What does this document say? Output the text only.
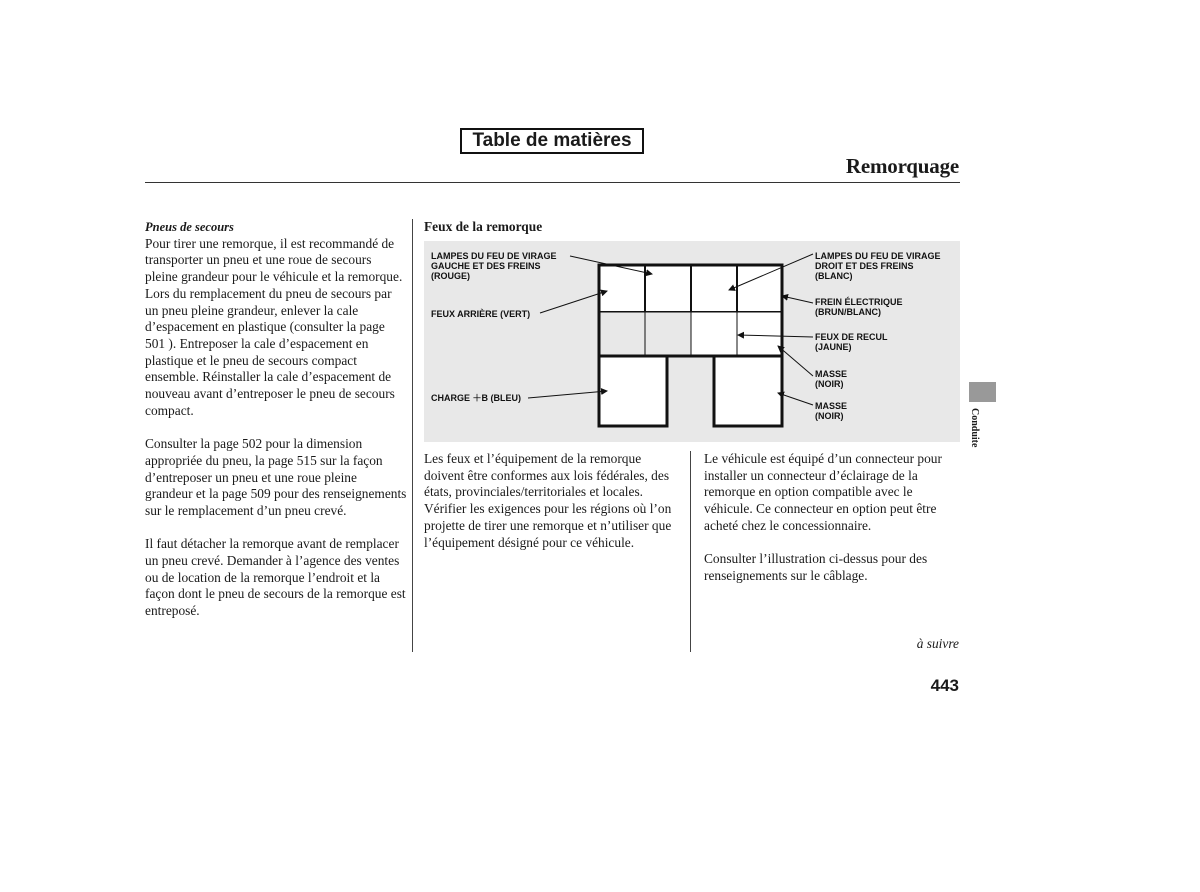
Table de matières
Remorquage
Pneus de secours

Pour tirer une remorque, il est recommandé de transporter un pneu et une roue de secours pleine grandeur pour le véhicule et la remorque. Lors du remplacement du pneu de secours par un pneu pleine grandeur, enlever la cale d’espacement en plastique (consulter la page 501 ). Entreposer la cale d’espacement en plastique et le pneu de secours compact ensemble. Réinstaller la cale d’espacement de nouveau avant d’entreposer le pneu de secours compact.

Consulter la page 502 pour la dimension appropriée du pneu, la page 515 sur la façon d’entreposer un pneu et une roue pleine grandeur et la page 509 pour des renseignements sur le remplacement d’un pneu crevé.

Il faut détacher la remorque avant de remplacer un pneu crevé. Demander à l’agence des ventes ou de location de la remorque l’endroit et la façon dont le pneu de secours de la remorque est entreposé.

Feux de la remorque
LAMPES DU FEU DE VIRAGE
GAUCHE ET DES FREINS
(ROUGE)
FEUX ARRIÈRE (VERT)
CHARGE ＋B (BLEU)
LAMPES DU FEU DE VIRAGE
DROIT ET DES FREINS
(BLANC)
FREIN ÉLECTRIQUE
(BRUN/BLANC)
FEUX DE RECUL
(JAUNE)
MASSE
(NOIR)
MASSE
(NOIR)

Les feux et l’équipement de la remorque doivent être conformes aux lois fédérales, des états, provinciales/territoriales et locales. Vérifier les exigences pour les régions où l’on projette de tirer une remorque et n’utiliser que l’équipement désigné pour ce véhicule.

Le véhicule est équipé d’un connecteur pour installer un connecteur d’éclairage de la remorque en option compatible avec le véhicule. Ce connecteur en option peut être acheté chez le concessionnaire.

Consulter l’illustration ci-dessus pour des renseignements sur le câblage.

à suivre
443
Conduite
